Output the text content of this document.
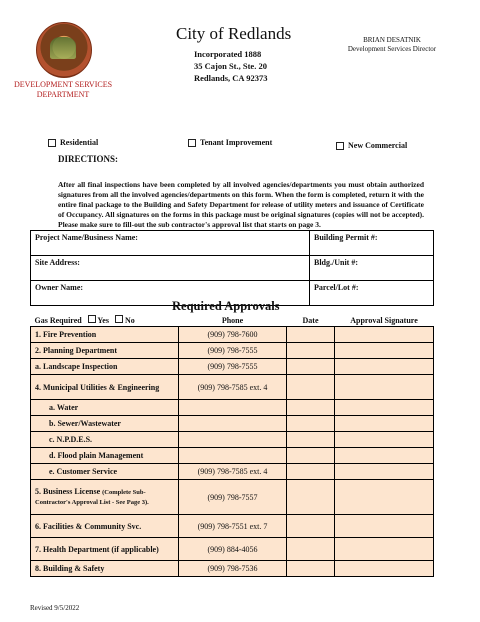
DEVELOPMENT SERVICES
DEPARTMENT
City of Redlands
Incorporated 1888
35 Cajon St., Ste. 20
Redlands, CA 92373
BRIAN DESATNIK
Development Services Director
Residential	Tenant Improvement	New Commercial
DIRECTIONS:
After all final inspections have been completed by all involved agencies/departments you must obtain authorized signatures from all the involved agencies/departments on this form. When the form is completed, return it with the entire final package to the Building and Safety Department for release of utility meters and issuance of Certificate of Occupancy. All signatures on the forms in this package must be original signatures (copies will not be accepted). Please make sure to fill-out the sub contractor's approval list that starts on page 3.
Project Name/Business Name:	Building Permit #:
Site Address:	Bldg./Unit #:
Owner Name:	Parcel/Lot #:
Required Approvals
Gas Required Yes No	Phone	Date	Approval Signature
1. Fire Prevention	(909) 798-7600		
2. Planning Department	(909) 798-7555		
a. Landscape Inspection	(909) 798-7555		
4. Municipal Utilities & Engineering	(909) 798-7585 ext. 4		
a. Water			
b. Sewer/Wastewater			
c. N.P.D.E.S.			
d. Flood plain Management			
e. Customer Service	(909) 798-7585 ext. 4		
5. Business License (Complete Sub-Contractor's Approval List - See Page 3).	(909) 798-7557		
6. Facilities & Community Svc.	(909) 798-7551 ext. 7		
7. Health Department (if applicable)	(909) 884-4056		
8. Building & Safety	(909) 798-7536		
Revised 9/5/2022
